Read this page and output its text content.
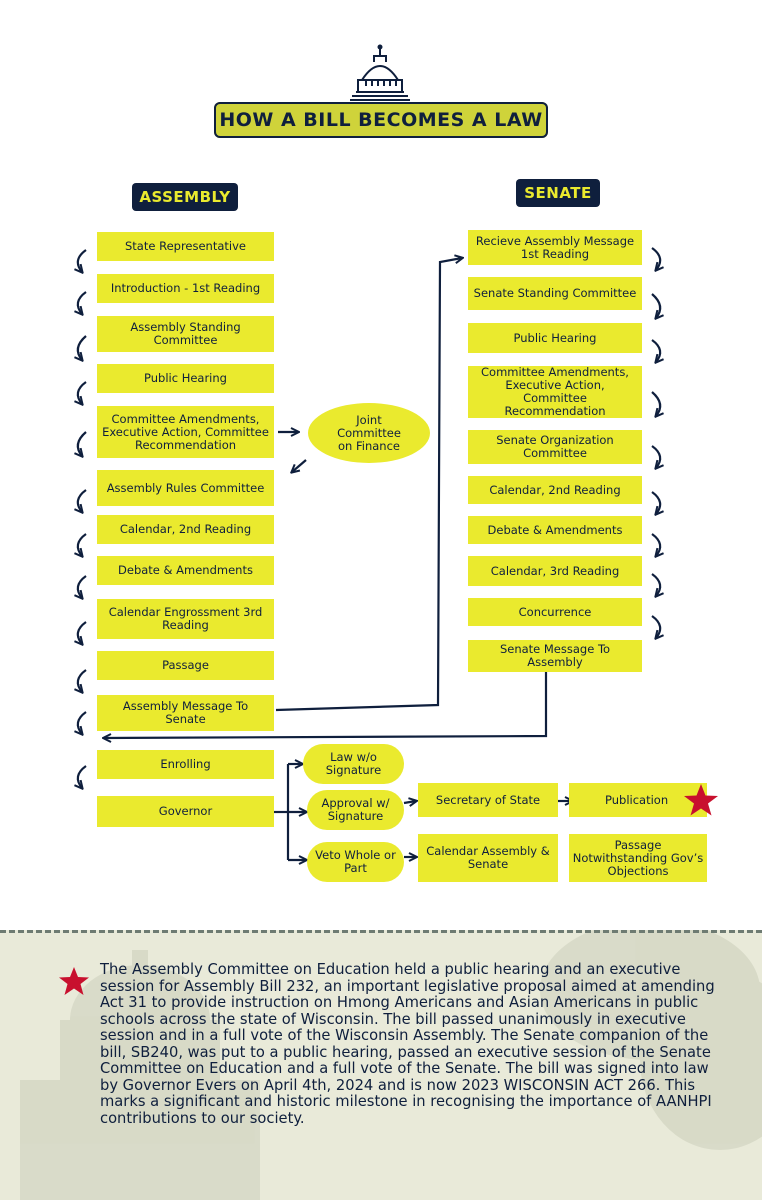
HOW A BILL BECOMES A LAW
ASSEMBLY	SENATE
State Representative
Introduction - 1st Reading
Assembly Standing Committee
Public Hearing
Committee Amendments, Executive Action, Committee Recommendation
Assembly Rules Committee
Calendar, 2nd Reading
Debate & Amendments
Calendar Engrossment 3rd Reading
Passage
Assembly Message To Senate
Enrolling
Governor
Joint Committee on Finance
Recieve Assembly Message 1st Reading
Senate Standing Committee
Public Hearing
Committee Amendments, Executive Action, Committee Recommendation
Senate Organization Committee
Calendar, 2nd Reading
Debate & Amendments
Calendar, 3rd Reading
Concurrence
Senate Message To Assembly
Law w/o Signature
Approval w/ Signature
Veto Whole or Part
Secretary of State
Calendar Assembly & Senate
Publication
Passage Notwithstanding Gov’s Objections
The Assembly Committee on Education held a public hearing and an executive session for Assembly Bill 232, an important legislative proposal aimed at amending Act 31 to provide instruction on Hmong Americans and Asian Americans in public schools across the state of Wisconsin. The bill passed unanimously in executive session and in a full vote of the Wisconsin Assembly. The Senate companion of the bill, SB240, was put to a public hearing, passed an executive session of the Senate Committee on Education and a full vote of the Senate. The bill was signed into law by Governor Evers on April 4th, 2024 and is now 2023 WISCONSIN ACT 266. This marks a significant and historic milestone in recognising the importance of AANHPI contributions to our society.
